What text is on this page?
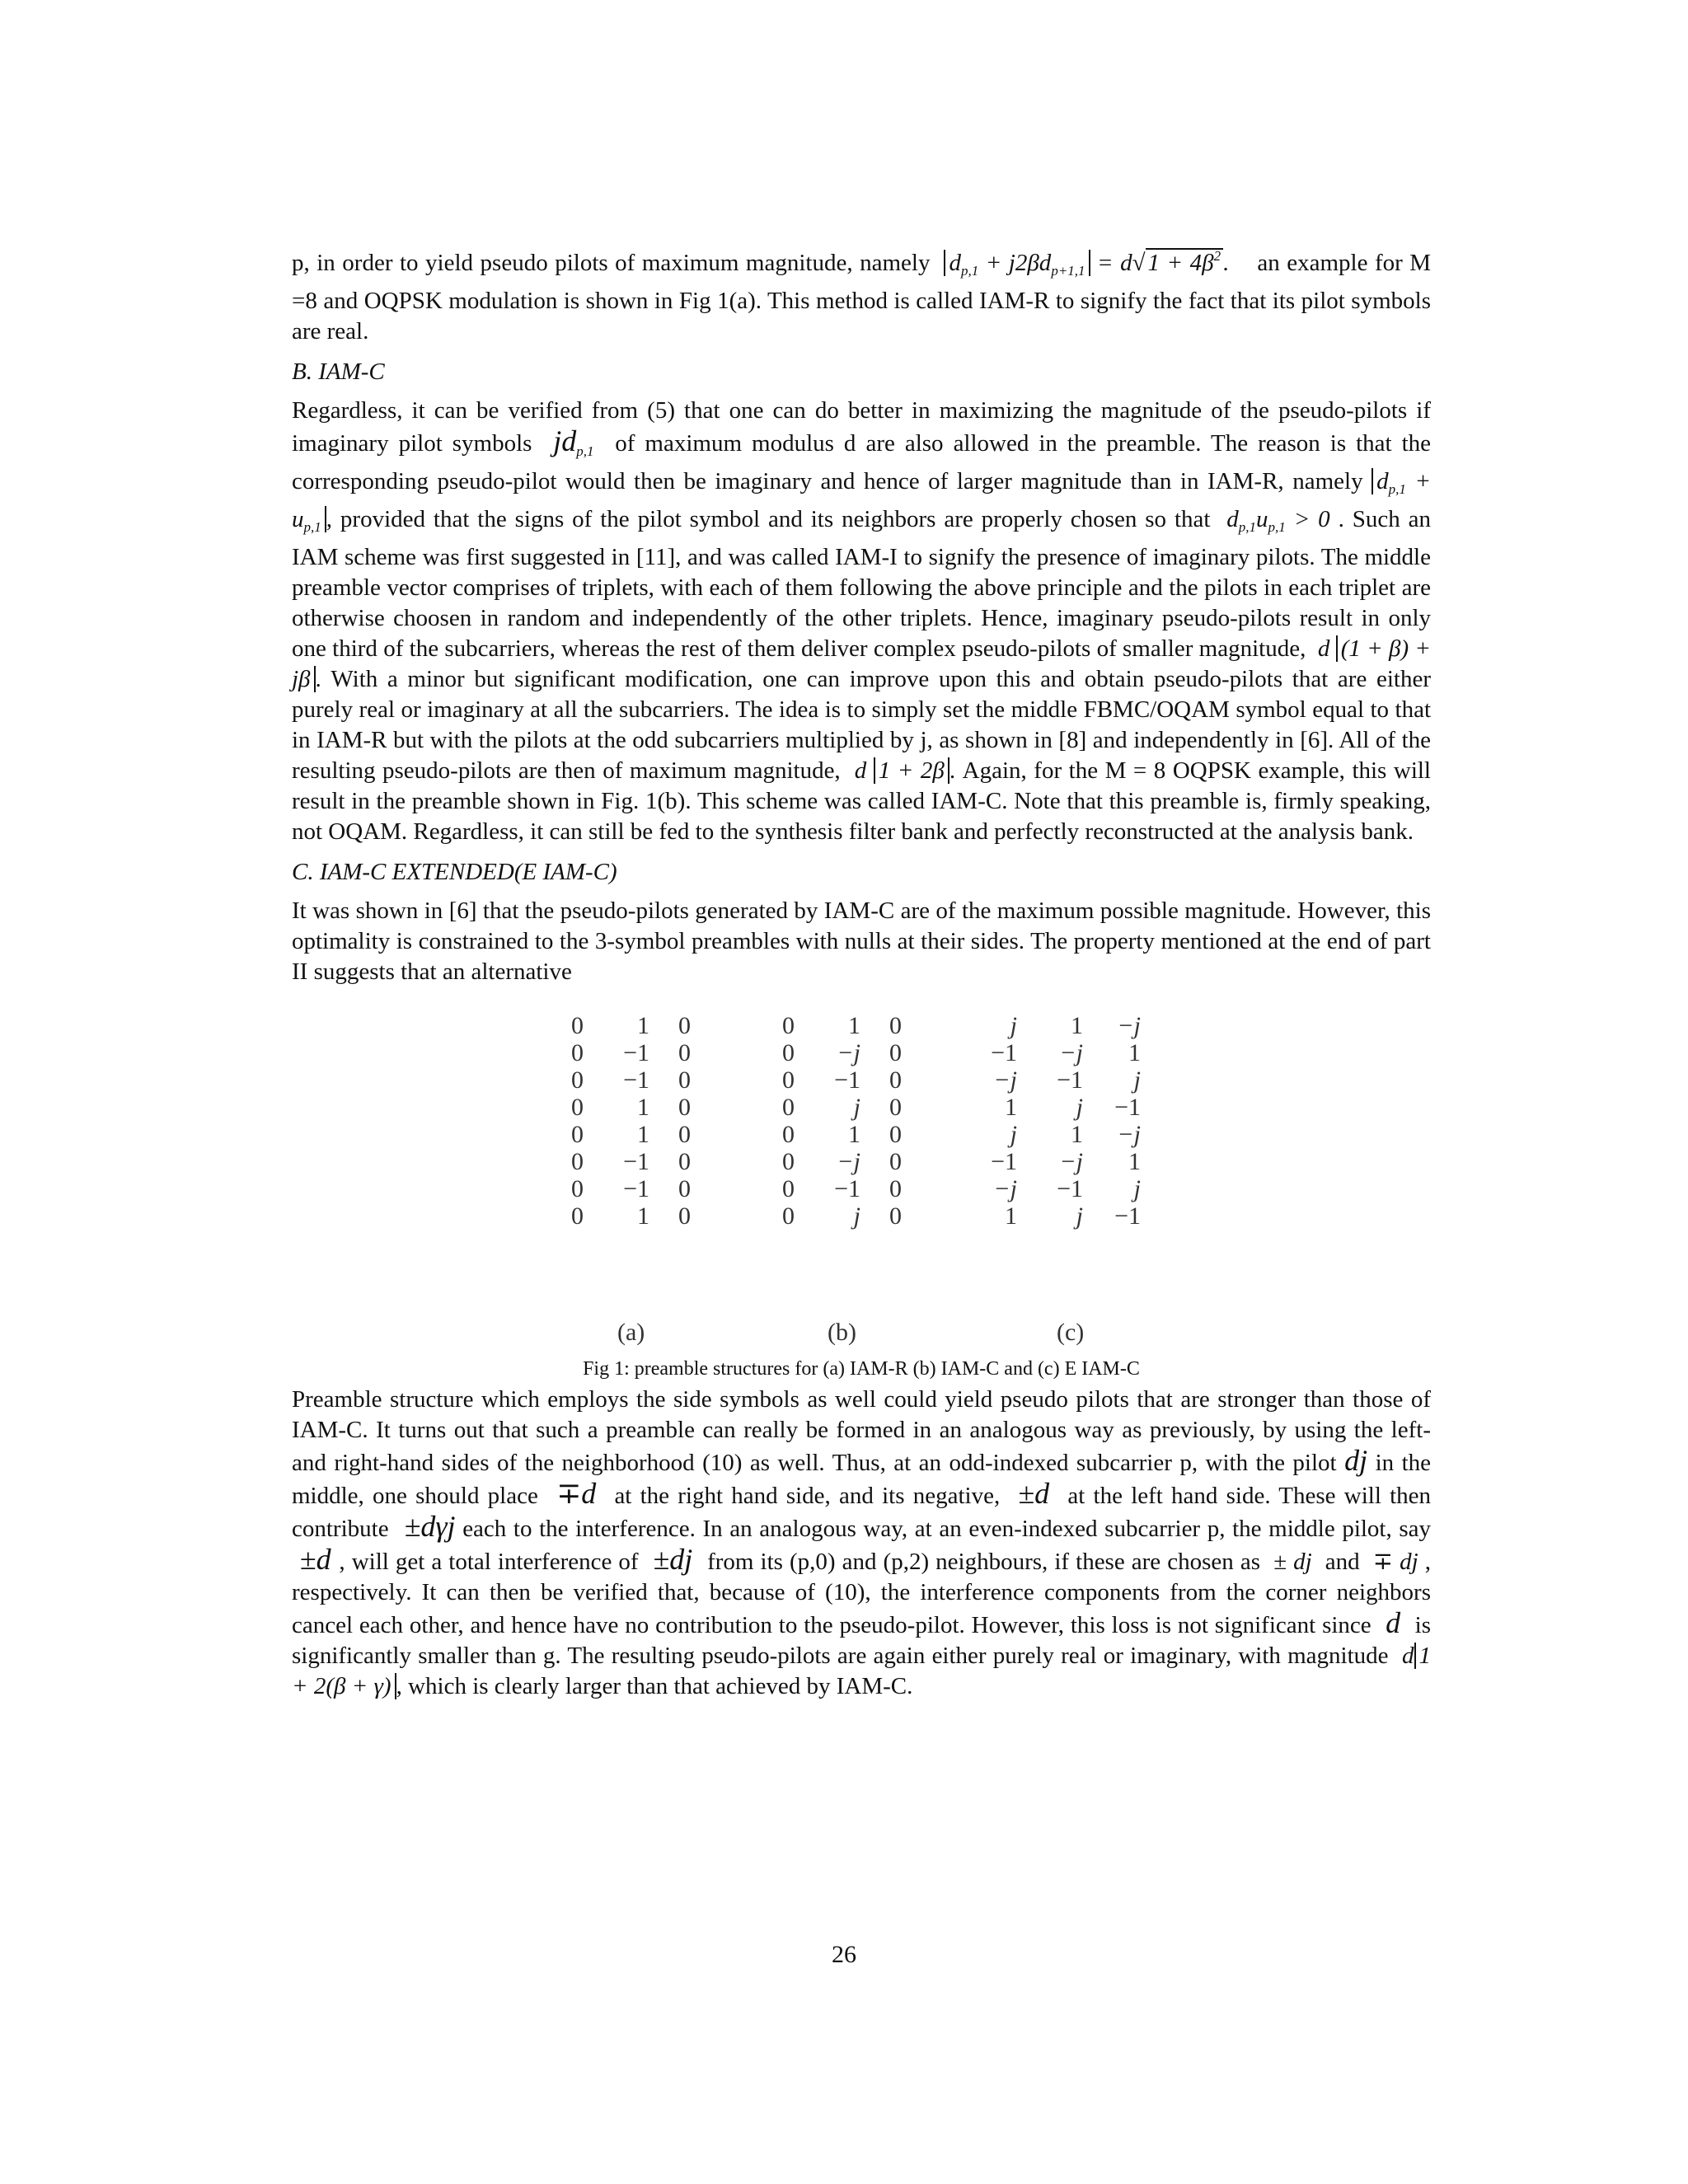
p, in order to yield pseudo pilots of maximum magnitude, namely $d_{p,1} + j2\beta d_{p+1,1} = d√$ $1 + 4\beta^2$ .    an example for M =8 and OQPSK modulation is shown in Fig 1(a). This method is called IAM-R to signify the fact that its pilot symbols are real.

B. IAM-C

Regardless, it can be verified from (5) that one can do better in maximizing the magnitude of the pseudo-pilots if imaginary pilot symbols  $jd_{p,1}$ of maximum modulus d are also allowed in the preamble. The reason is that the corresponding pseudo-pilot would then be imaginary and hence of larger magnitude than in IAM-R, namely $d_{p,1} + u_{p,1}$ , provided that the signs of the pilot symbol and its neighbors are properly chosen so that  $d_{p,1}u_{p,1} > 0$ . Such an IAM scheme was first suggested in [11], and was called IAM-I to signify the presence of imaginary pilots. The middle preamble vector comprises of triplets, with each of them following the above principle and the pilots in each triplet are otherwise choosen in random and independently of the other triplets. Hence, imaginary pseudo-pilots result in only one third of the subcarriers, whereas the rest of them deliver complex pseudo-pilots of smaller magnitude,  d (1 + β) + jβ . With a minor but significant modification, one can improve upon this and obtain pseudo-pilots that are either purely real or imaginary at all the subcarriers. The idea is to simply set the middle FBMC/OQAM symbol equal to that in IAM-R but with the pilots at the odd subcarriers multiplied by j, as shown in [8] and independently in [6]. All of the resulting pseudo-pilots are then of maximum magnitude,  d 1 + 2β . Again, for the M = 8 OQPSK example, this will result in the preamble shown in Fig. 1(b). This scheme was called IAM-C. Note that this preamble is, firmly speaking, not OQAM. Regardless, it can still be fed to the synthesis filter bank and perfectly reconstructed at the analysis bank.

C. IAM-C EXTENDED(E IAM-C)

It was shown in [6] that the pseudo-pilots generated by IAM-C are of the maximum possible magnitude. However, this optimality is constrained to the 3-symbol preambles with nulls at their sides. The property mentioned at the end of part II suggests that an alternative

0 1 0
0 −1 0
0 −1 0
0 1 0
0 1 0
0 −1 0
0 −1 0
0 1 0
0 1 0
0 −j 0
0 −1 0
0 j 0
0 1 0
0 −j 0
0 −1 0
0 j 0
j 1 −j
−1 −j 1
−j −1 j
1 j −1
j 1 −j
−1 −j 1
−j −1 j
1 j −1
(a)	(b)	(c)

Fig 1: preamble structures for (a) IAM-R (b) IAM-C and (c) E IAM-C

Preamble structure which employs the side symbols as well could yield pseudo pilots that are stronger than those of IAM-C. It turns out that such a preamble can really be formed in an analogous way as previously, by using the left- and right-hand sides of the neighborhood (10) as well. Thus, at an odd-indexed subcarrier p, with the pilot dj in the middle, one should place  ∓d  at the right hand side, and its negative,  ±d  at the left hand side. These will then contribute  ±dγj each to the interference. In an analogous way, at an even-indexed subcarrier p, the middle pilot, say  ±d , will get a total interference of  ±dj  from its (p,0) and (p,2) neighbours, if these are chosen as  ± dj  and  ∓ dj , respectively. It can then be verified that, because of (10), the interference components from the corner neighbors cancel each other, and hence have no contribution to the pseudo-pilot. However, this loss is not significant since  d  is significantly smaller than g. The resulting pseudo-pilots are again either purely real or imaginary, with magnitude  d 1 + 2(β + γ) , which is clearly larger than that achieved by IAM-C.

26
